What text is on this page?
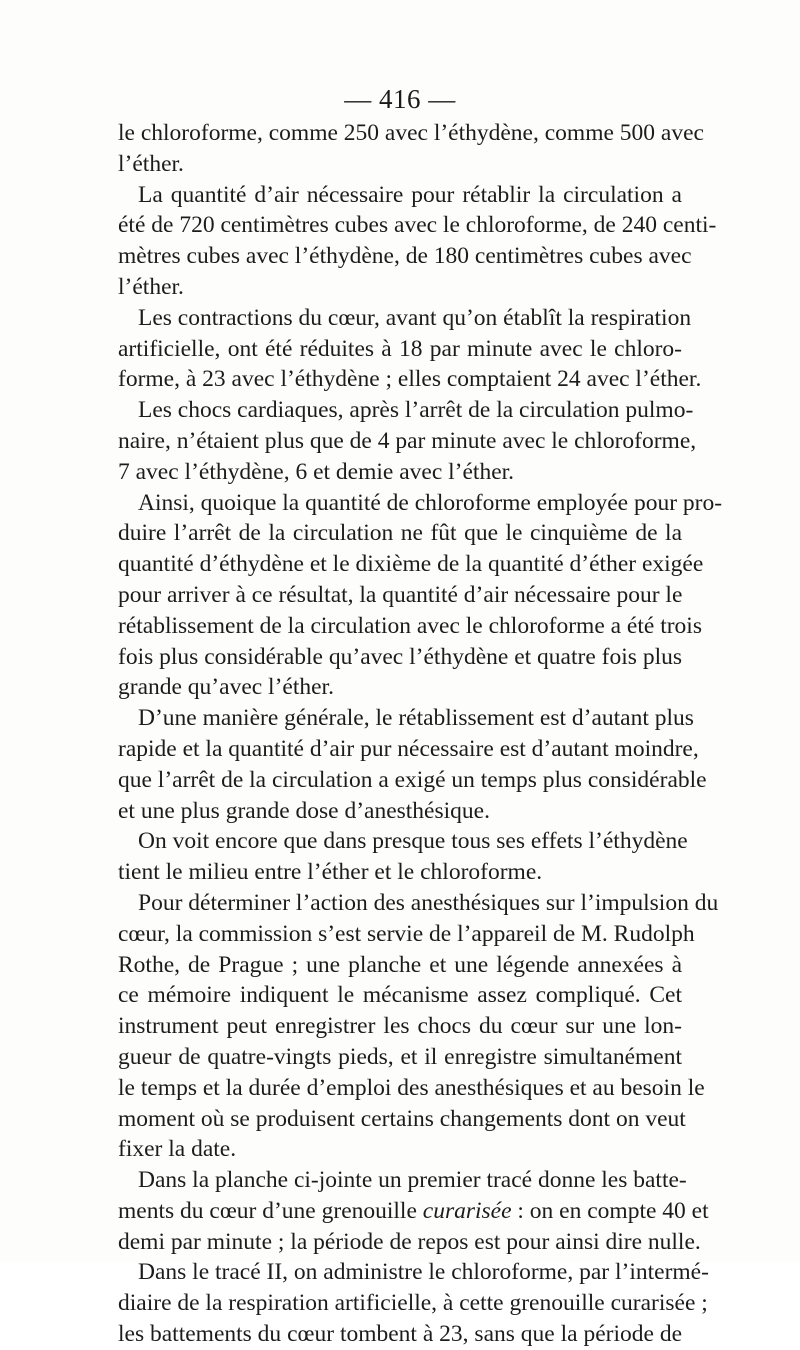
— 416 —
le chloroforme, comme 250 avec l’éthydène, comme 500 avec
l’éther.
La quantité d’air nécessaire pour rétablir la circulation a
été de 720 centimètres cubes avec le chloroforme, de 240 centi-
mètres cubes avec l’éthydène, de 180 centimètres cubes avec
l’éther.
Les contractions du cœur, avant qu’on établît la respiration
artificielle, ont été réduites à 18 par minute avec le chloro-
forme, à 23 avec l’éthydène ; elles comptaient 24 avec l’éther.
Les chocs cardiaques, après l’arrêt de la circulation pulmo-
naire, n’étaient plus que de 4 par minute avec le chloroforme,
7 avec l’éthydène, 6 et demie avec l’éther.
Ainsi, quoique la quantité de chloroforme employée pour pro-
duire l’arrêt de la circulation ne fût que le cinquième de la
quantité d’éthydène et le dixième de la quantité d’éther exigée
pour arriver à ce résultat, la quantité d’air nécessaire pour le
rétablissement de la circulation avec le chloroforme a été trois
fois plus considérable qu’avec l’éthydène et quatre fois plus
grande qu’avec l’éther.
D’une manière générale, le rétablissement est d’autant plus
rapide et la quantité d’air pur nécessaire est d’autant moindre,
que l’arrêt de la circulation a exigé un temps plus considérable
et une plus grande dose d’anesthésique.
On voit encore que dans presque tous ses effets l’éthydène
tient le milieu entre l’éther et le chloroforme.
Pour déterminer l’action des anesthésiques sur l’impulsion du
cœur, la commission s’est servie de l’appareil de M. Rudolph
Rothe, de Prague ; une planche et une légende annexées à
ce mémoire indiquent le mécanisme assez compliqué. Cet
instrument peut enregistrer les chocs du cœur sur une lon-
gueur de quatre-vingts pieds, et il enregistre simultanément
le temps et la durée d’emploi des anesthésiques et au besoin le
moment où se produisent certains changements dont on veut
fixer la date.
Dans la planche ci-jointe un premier tracé donne les batte-
ments du cœur d’une grenouille curarisée : on en compte 40 et
demi par minute ; la période de repos est pour ainsi dire nulle.
Dans le tracé II, on administre le chloroforme, par l’intermé-
diaire de la respiration artificielle, à cette grenouille curarisée ;
les battements du cœur tombent à 23, sans que la période de
